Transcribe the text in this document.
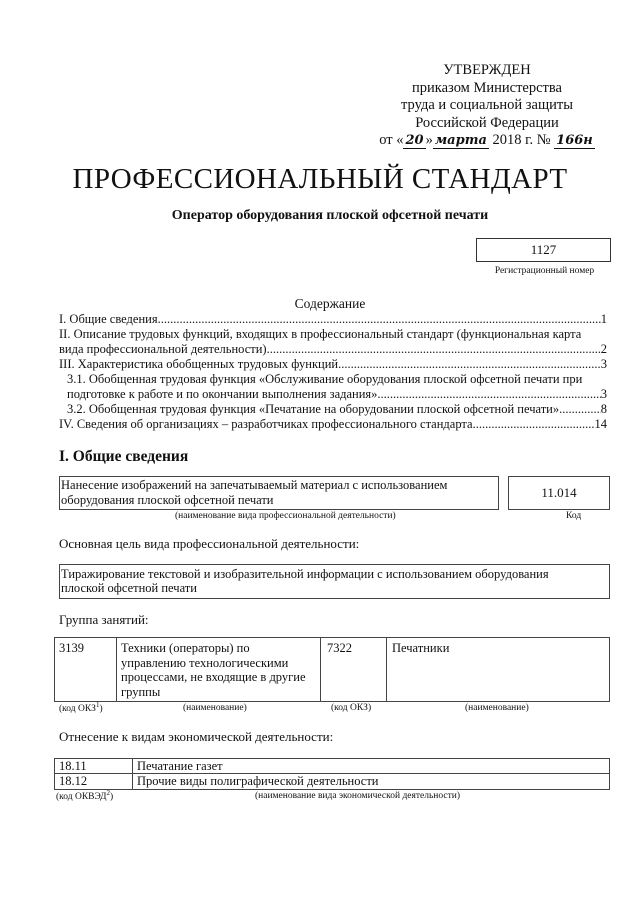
УТВЕРЖДЕН
приказом Министерства
труда и социальной защиты
Российской Федерации
от « 20 » марта 2018 г. № 166н
ПРОФЕССИОНАЛЬНЫЙ СТАНДАРТ
Оператор оборудования плоской офсетной печати
1127
Регистрационный номер
Содержание
I. Общие сведения .....	1
II. Описание трудовых функций, входящих в профессиональный стандарт (функциональная карта
вида профессиональной деятельности) .....	2
III. Характеристика обобщенных трудовых функций .....	3
3.1. Обобщенная трудовая функция «Обслуживание оборудования плоской офсетной печати при
подготовке к работе и по окончании выполнения задания» .....	3
3.2. Обобщенная трудовая функция «Печатание на оборудовании плоской офсетной печати» .....	8
IV. Сведения об организациях – разработчиках профессионального стандарта .....	14
I. Общие сведения
Нанесение изображений на запечатываемый материал с использованием
оборудования плоской офсетной печати	11.014
(наименование вида профессиональной деятельности)	Код
Основная цель вида профессиональной деятельности:
Тиражирование текстовой и изобразительной информации с использованием оборудования
плоской офсетной печати
Группа занятий:
3139	Техники (операторы) по
управлению технологическими
процессами, не входящие в другие
группы
7322	Печатники
(код ОКЗ$^1$)	(наименование)	(код ОКЗ)	(наименование)
Отнесение к видам экономической деятельности:
18.11	Печатание газет
18.12	Прочие виды полиграфической деятельности
(код ОКВЭД$^2$)	(наименование вида экономической деятельности)
